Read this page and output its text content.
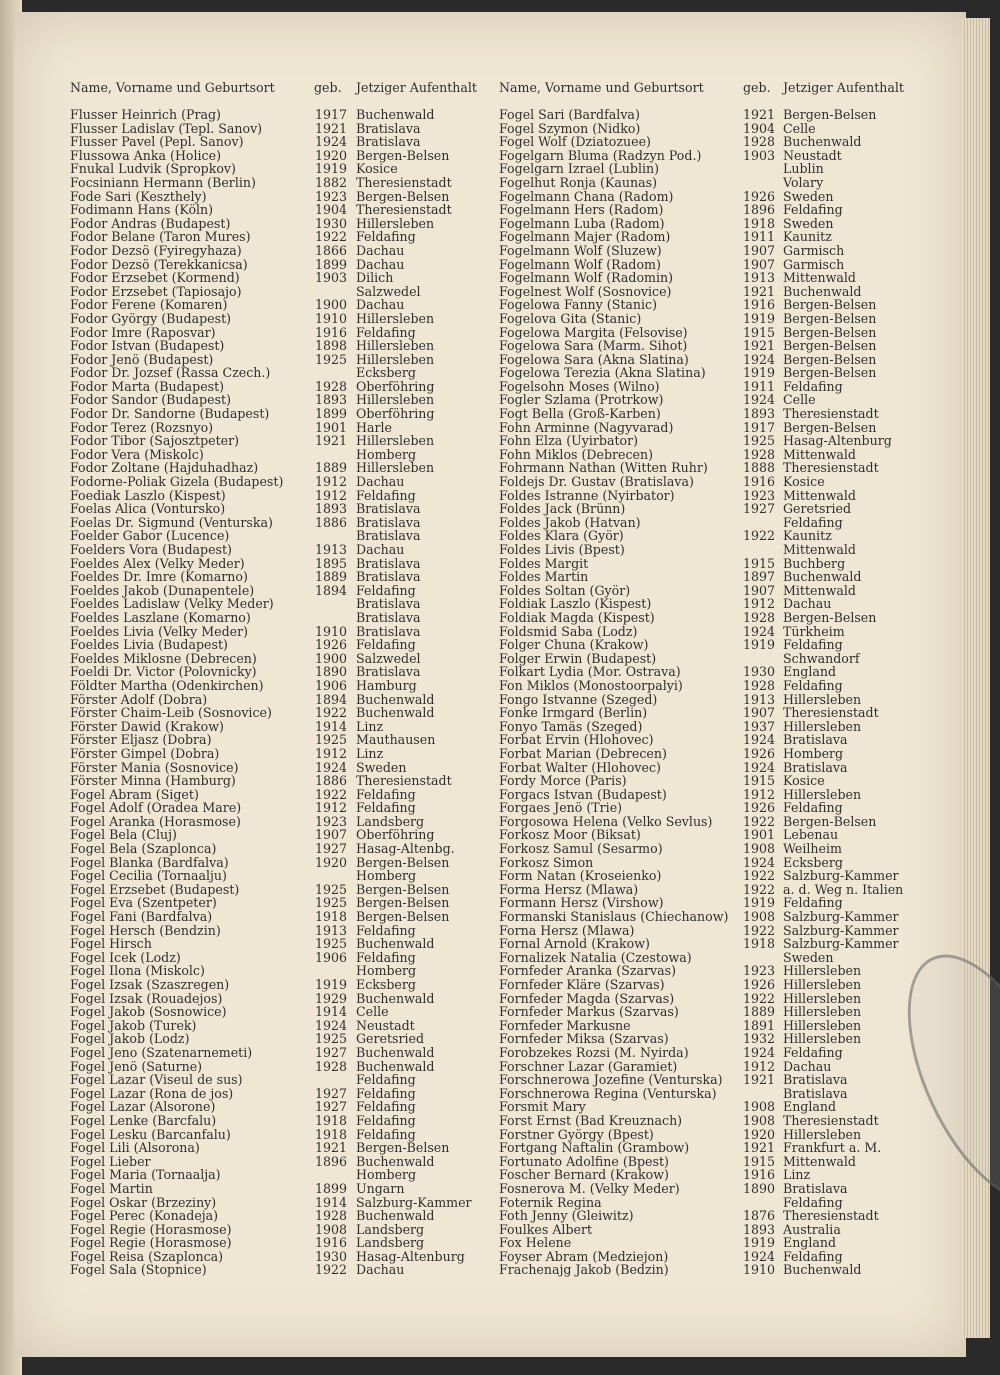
Name, Vorname und Geburtsort	geb. Jetziger Aufenthalt
Flusser Heinrich (Prag)	1917 Buchenwald
Flusser Ladislav (Tepl. Sanov)	1921 Bratislava
Flusser Pavel (Pepl. Sanov)	1924 Bratislava
Flussowa Anka (Holice)	1920 Bergen-Belsen
Fnukal Ludvik (Spropkov)	1919 Kosice
Focsiniann Hermann (Berlin)	1882 Theresienstadt
Fode Sari (Keszthely)	1923 Bergen-Belsen
Fodimann Hans (Köln)	1904 Theresienstadt
Fodor Andras (Budapest)	1930 Hillersleben
Fodor Belane (Taron Mures)	1922 Feldafing
Fodor Dezsö (Fyiregyhaza)	1866 Dachau
Fodor Dezsö (Terekkanicsa)	1899 Dachau
Fodor Erzsebet (Kormend)	1903 Dilich
Fodor Erzsebet (Tapiosajo)	Salzwedel
Fodor Ferene (Komaren)	1900 Dachau
Fodor György (Budapest)	1910 Hillersleben
Fodor Imre (Raposvar)	1916 Feldafing
Fodor Istvan (Budapest)	1898 Hillersleben
Fodor Jenö (Budapest)	1925 Hillersleben
Fodor Dr. Jozsef (Rassa Czech.)	Ecksberg
Fodor Marta (Budapest)	1928 Oberföhring
Fodor Sandor (Budapest)	1893 Hillersleben
Fodor Dr. Sandorne (Budapest)	1899 Oberföhring
Fodor Terez (Rozsnyo)	1901 Harle
Fodor Tibor (Sajosztpeter)	1921 Hillersleben
Fodor Vera (Miskolc)	Homberg
Fodor Zoltane (Hajduhadhaz)	1889 Hillersleben
Fodorne-Poliak Gizela (Budapest)	1912 Dachau
Foediak Laszlo (Kispest)	1912 Feldafing
Foelas Alica (Vontursko)	1893 Bratislava
Foelas Dr. Sigmund (Venturska)	1886 Bratislava
Foelder Gabor (Lucence)	Bratislava
Foelders Vora (Budapest)	1913 Dachau
Foeldes Alex (Velky Meder)	1895 Bratislava
Foeldes Dr. Imre (Komarno)	1889 Bratislava
Foeldes Jakob (Dunapentele)	1894 Feldafing
Foeldes Ladislaw (Velky Meder)	Bratislava
Foeldes Laszlane (Komarno)	Bratislava
Foeldes Livia (Velky Meder)	1910 Bratislava
Foeldes Livia (Budapest)	1926 Feldafing
Foeldes Miklosne (Debrecen)	1900 Salzwedel
Foeldi Dr. Victor (Polovnicky)	1890 Bratislava
Földter Martha (Odenkirchen)	1906 Hamburg
Förster Adolf (Dobra)	1894 Buchenwald
Förster Chaim-Leib (Sosnovice)	1922 Buchenwald
Förster Dawid (Krakow)	1914 Linz
Förster Eljasz (Dobra)	1925 Mauthausen
Förster Gimpel (Dobra)	1912 Linz
Förster Mania (Sosnovice)	1924 Sweden
Förster Minna (Hamburg)	1886 Theresienstadt
Fogel Abram (Siget)	1922 Feldafing
Fogel Adolf (Oradea Mare)	1912 Feldafing
Fogel Aranka (Horasmose)	1923 Landsberg
Fogel Bela (Cluj)	1907 Oberföhring
Fogel Bela (Szaplonca)	1927 Hasag-Altenbg.
Fogel Blanka (Bardfalva)	1920 Bergen-Belsen
Fogel Cecilia (Tornaalju)	Homberg
Fogel Erzsebet (Budapest)	1925 Bergen-Belsen
Fogel Eva (Szentpeter)	1925 Bergen-Belsen
Fogel Fani (Bardfalva)	1918 Bergen-Belsen
Fogel Hersch (Bendzin)	1913 Feldafing
Fogel Hirsch	1925 Buchenwald
Fogel Icek (Lodz)	1906 Feldafing
Fogel Ilona (Miskolc)	Homberg
Fogel Izsak (Szaszregen)	1919 Ecksberg
Fogel Izsak (Rouadejos)	1929 Buchenwald
Fogel Jakob (Sosnowice)	1914 Celle
Fogel Jakob (Turek)	1924 Neustadt
Fogel Jakob (Lodz)	1925 Geretsried
Fogel Jeno (Szatenarnemeti)	1927 Buchenwald
Fogel Jenö (Saturne)	1928 Buchenwald
Fogel Lazar (Viseul de sus)	Feldafing
Fogel Lazar (Rona de jos)	1927 Feldafing
Fogel Lazar (Alsorone)	1927 Feldafing
Fogel Lenke (Barcfalu)	1918 Feldafing
Fogel Lesku (Barcanfalu)	1918 Feldafing
Fogel Lili (Alsorona)	1921 Bergen-Belsen
Fogel Lieber	1896 Buchenwald
Fogel Maria (Tornaalja)	Homberg
Fogel Martin	1899 Ungarn
Fogel Oskar (Brzeziny)	1914 Salzburg-Kammer
Fogel Perec (Konadeja)	1928 Buchenwald
Fogel Regie (Horasmose)	1908 Landsberg
Fogel Regie (Horasmose)	1916 Landsberg
Fogel Reisa (Szaplonca)	1930 Hasag-Altenburg
Fogel Sala (Stopnice)	1922 Dachau
Name, Vorname und Geburtsort	geb. Jetziger Aufenthalt
Fogel Sari (Bardfalva)	1921 Bergen-Belsen
Fogel Szymon (Nidko)	1904 Celle
Fogel Wolf (Dziatozuee)	1928 Buchenwald
Fogelgarn Bluma (Radzyn Pod.)	1903 Neustadt
Fogelgarn Izrael (Lublin)	Lublin
Fogelhut Ronja (Kaunas)	Volary
Fogelmann Chana (Radom)	1926 Sweden
Fogelmann Hers (Radom)	1896 Feldafing
Fogelmann Luba (Radom)	1918 Sweden
Fogelmann Majer (Radom)	1911 Kaunitz
Fogelmann Wolf (Sluzew)	1907 Garmisch
Fogelmann Wolf (Radom)	1907 Garmisch
Fogelmann Wolf (Radomin)	1913 Mittenwald
Fogelnest Wolf (Sosnovice)	1921 Buchenwald
Fogelowa Fanny (Stanic)	1916 Bergen-Belsen
Fogelova Gita (Stanic)	1919 Bergen-Belsen
Fogelowa Margita (Felsovise)	1915 Bergen-Belsen
Fogelowa Sara (Marm. Sihot)	1921 Bergen-Belsen
Fogelowa Sara (Akna Slatina)	1924 Bergen-Belsen
Fogelowa Terezia (Akna Slatina)	1919 Bergen-Belsen
Fogelsohn Moses (Wilno)	1911 Feldafing
Fogler Szlama (Protrkow)	1924 Celle
Fogt Bella (Groß-Karben)	1893 Theresienstadt
Fohn Arminne (Nagyvarad)	1917 Bergen-Belsen
Fohn Elza (Uyirbator)	1925 Hasag-Altenburg
Fohn Miklos (Debrecen)	1928 Mittenwald
Fohrmann Nathan (Witten Ruhr)	1888 Theresienstadt
Foldejs Dr. Gustav (Bratislava)	1916 Kosice
Foldes Istranne (Nyirbator)	1923 Mittenwald
Foldes Jack (Brünn)	1927 Geretsried
Foldes Jakob (Hatvan)	Feldafing
Foldes Klara (Györ)	1922 Kaunitz
Foldes Livis (Bpest)	Mittenwald
Foldes Margit	1915 Buchberg
Foldes Martin	1897 Buchenwald
Foldes Soltan (Györ)	1907 Mittenwald
Foldiak Laszlo (Kispest)	1912 Dachau
Foldiak Magda (Kispest)	1928 Bergen-Belsen
Foldsmid Saba (Lodz)	1924 Türkheim
Folger Chuna (Krakow)	1919 Feldafing
Folger Erwin (Budapest)	Schwandorf
Folkart Lydia (Mor. Ostrava)	1930 England
Fon Miklos (Monostoorpalyi)	1928 Feldafing
Fongo Istvanne (Szeged)	1913 Hillersleben
Fonke Irmgard (Berlin)	1907 Theresienstadt
Fonyo Tamäs (Szeged)	1937 Hillersleben
Forbat Ervin (Hlohovec)	1924 Bratislava
Forbat Marian (Debrecen)	1926 Homberg
Forbat Walter (Hlohovec)	1924 Bratislava
Fordy Morce (Paris)	1915 Kosice
Forgacs Istvan (Budapest)	1912 Hillersleben
Forgaes Jenö (Trie)	1926 Feldafing
Forgosowa Helena (Velko Sevlus) 1922 Bergen-Belsen
Forkosz Moor (Biksat)	1901 Lebenau
Forkosz Samul (Sesarmo)	1908 Weilheim
Forkosz Simon	1924 Ecksberg
Form Natan (Kroseienko)	1922 Salzburg-Kammer
Forma Hersz (Mlawa)	1922 a. d. Weg n. Italien
Formann Hersz (Virshow)	1919 Feldafing
Formanski Stanislaus (Chiechanow) 1908 Salzburg-Kammer
Forna Hersz (Mlawa)	1922 Salzburg-Kammer
Fornal Arnold (Krakow)	1918 Salzburg-Kammer
Fornalizek Natalia (Czestowa)	Sweden
Fornfeder Aranka (Szarvas)	1923 Hillersleben
Fornfeder Kläre (Szarvas)	1926 Hillersleben
Fornfeder Magda (Szarvas)	1922 Hillersleben
Fornfeder Markus (Szarvas)	1889 Hillersleben
Fornfeder Markusne	1891 Hillersleben
Fornfeder Miksa (Szarvas)	1932 Hillersleben
Forobzekes Rozsi (M. Nyirda)	1924 Feldafing
Forschner Lazar (Garamiet)	1912 Dachau
Forschnerowa Jozefine (Venturska) 1921 Bratislava
Forschnerowa Regina (Venturska)	Bratislava
Forsmit Mary	1908 England
Forst Ernst (Bad Kreuznach)	1908 Theresienstadt
Forstner György (Bpest)	1920 Hillersleben
Fortgang Naftalin (Grambow)	1921 Frankfurt a. M.
Fortunato Adolfine (Bpest)	1915 Mittenwald
Foscher Bernard (Krakow)	1916 Linz
Fosnerova M. (Velky Meder)	1890 Bratislava
Foternik Regina	Feldafing
Foth Jenny (Gleiwitz)	1876 Theresienstadt
Foulkes Albert	1893 Australia
Fox Helene	1919 England
Foyser Abram (Medziejon)	1924 Feldafing
Frachenajg Jakob (Bedzin)	1910 Buchenwald
